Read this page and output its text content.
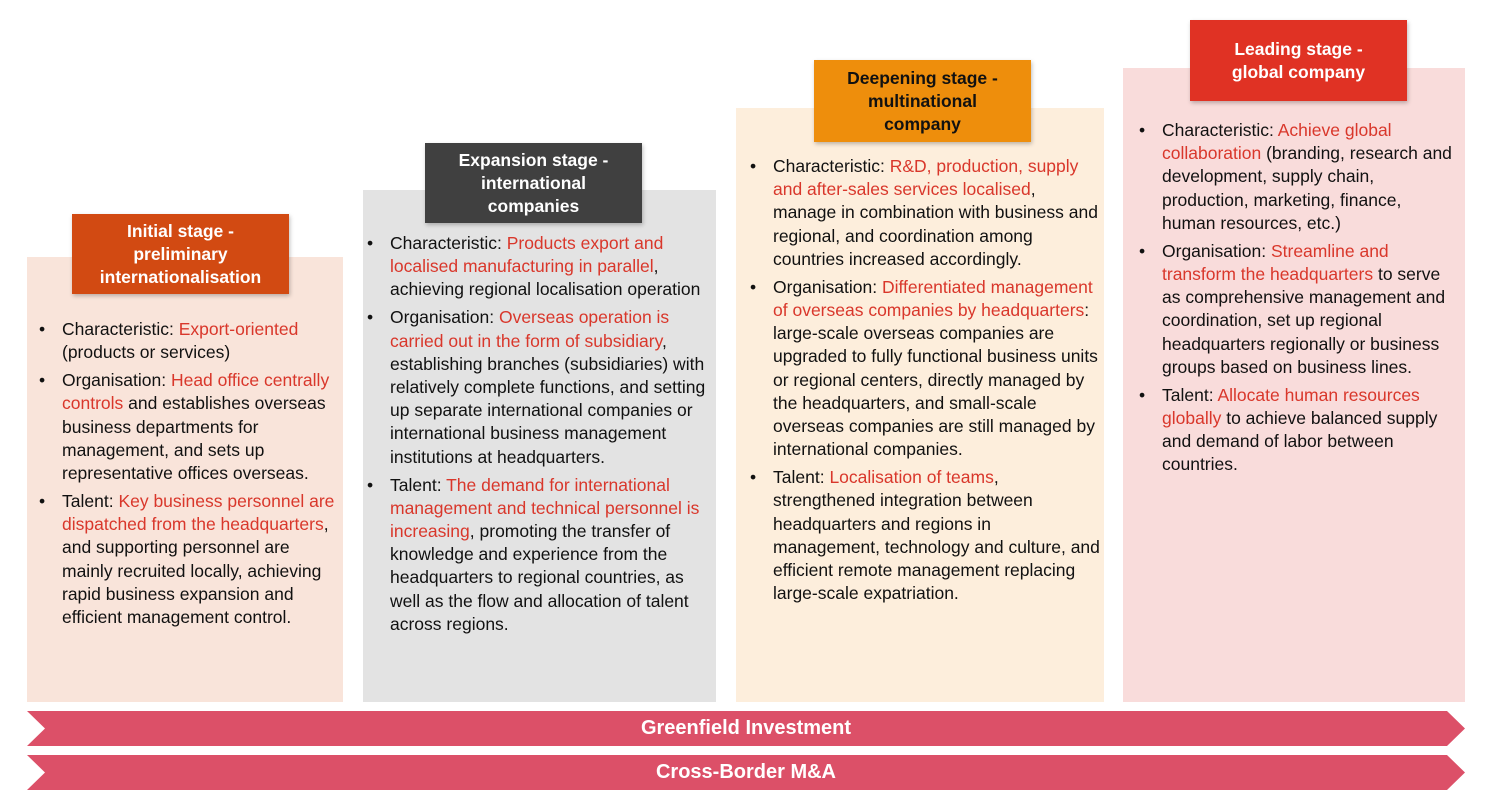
Initial stage -
preliminary
internationalisation
Expansion stage -
international
companies
Deepening stage -
multinational
company
Leading stage -
global company
• Characteristic: Export-oriented (products or services)
• Organisation: Head office centrally controls and establishes overseas business departments for management, and sets up representative offices overseas.
• Talent: Key business personnel are dispatched from the headquarters, and supporting personnel are mainly recruited locally, achieving rapid business expansion and efficient management control.
• Characteristic: Products export and localised manufacturing in parallel, achieving regional localisation operation
• Organisation: Overseas operation is carried out in the form of subsidiary, establishing branches (subsidiaries) with relatively complete functions, and setting up separate international companies or international business management institutions at headquarters.
• Talent: The demand for international management and technical personnel is increasing, promoting the transfer of knowledge and experience from the headquarters to regional countries, as well as the flow and allocation of talent across regions.
• Characteristic: R&D, production, supply and after-sales services localised, manage in combination with business and regional, and coordination among countries increased accordingly.
• Organisation: Differentiated management of overseas companies by headquarters: large-scale overseas companies are upgraded to fully functional business units or regional centers, directly managed by the headquarters, and small-scale overseas companies are still managed by international companies.
• Talent: Localisation of teams, strengthened integration between headquarters and regions in management, technology and culture, and efficient remote management replacing large-scale expatriation.
• Characteristic: Achieve global collaboration (branding, research and development, supply chain, production, marketing, finance, human resources, etc.)
• Organisation: Streamline and transform the headquarters to serve as comprehensive management and coordination, set up regional headquarters regionally or business groups based on business lines.
• Talent: Allocate human resources globally to achieve balanced supply and demand of labor between countries.
Greenfield Investment
Cross-Border M&A
